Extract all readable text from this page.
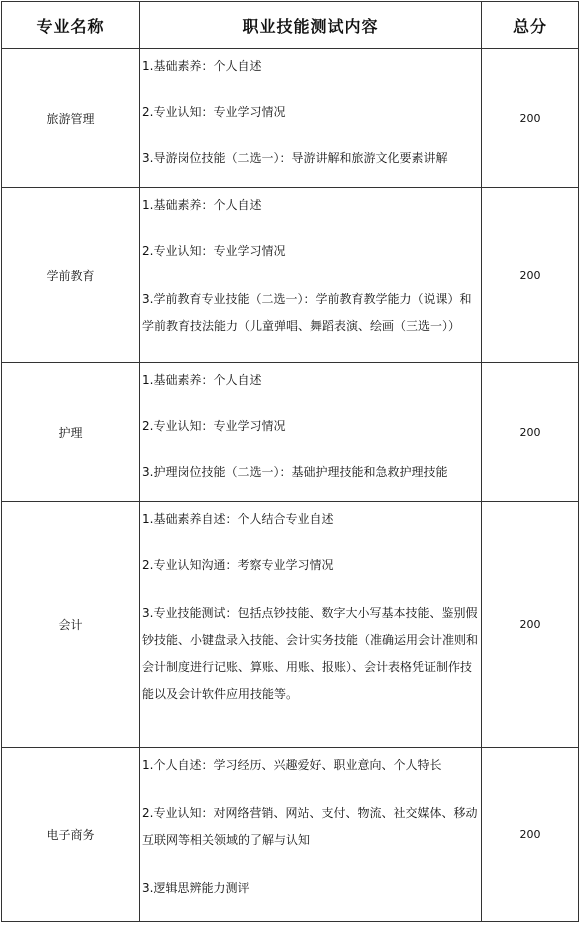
专业名称	职业技能测试内容	总分
旅游管理	1.基础素养：个人自述
2.专业认知：专业学习情况
3.导游岗位技能（二选一）：导游讲解和旅游文化要素讲解	200
学前教育	1.基础素养：个人自述
2.专业认知：专业学习情况
3.学前教育专业技能（二选一）：学前教育教学能力（说课）和学前教育技法能力（儿童弹唱、舞蹈表演、绘画（三选一））	200
护理	1.基础素养：个人自述
2.专业认知：专业学习情况
3.护理岗位技能（二选一）：基础护理技能和急救护理技能	200
会计	1.基础素养自述：个人结合专业自述
2.专业认知沟通：考察专业学习情况
3.专业技能测试：包括点钞技能、数字大小写基本技能、鉴别假钞技能、小键盘录入技能、会计实务技能（准确运用会计准则和会计制度进行记账、算账、用账、报账）、会计表格凭证制作技能以及会计软件应用技能等。	200
电子商务	1.个人自述：学习经历、兴趣爱好、职业意向、个人特长
2.专业认知：对网络营销、网站、支付、物流、社交媒体、移动互联网等相关领域的了解与认知
3.逻辑思辨能力测评	200
